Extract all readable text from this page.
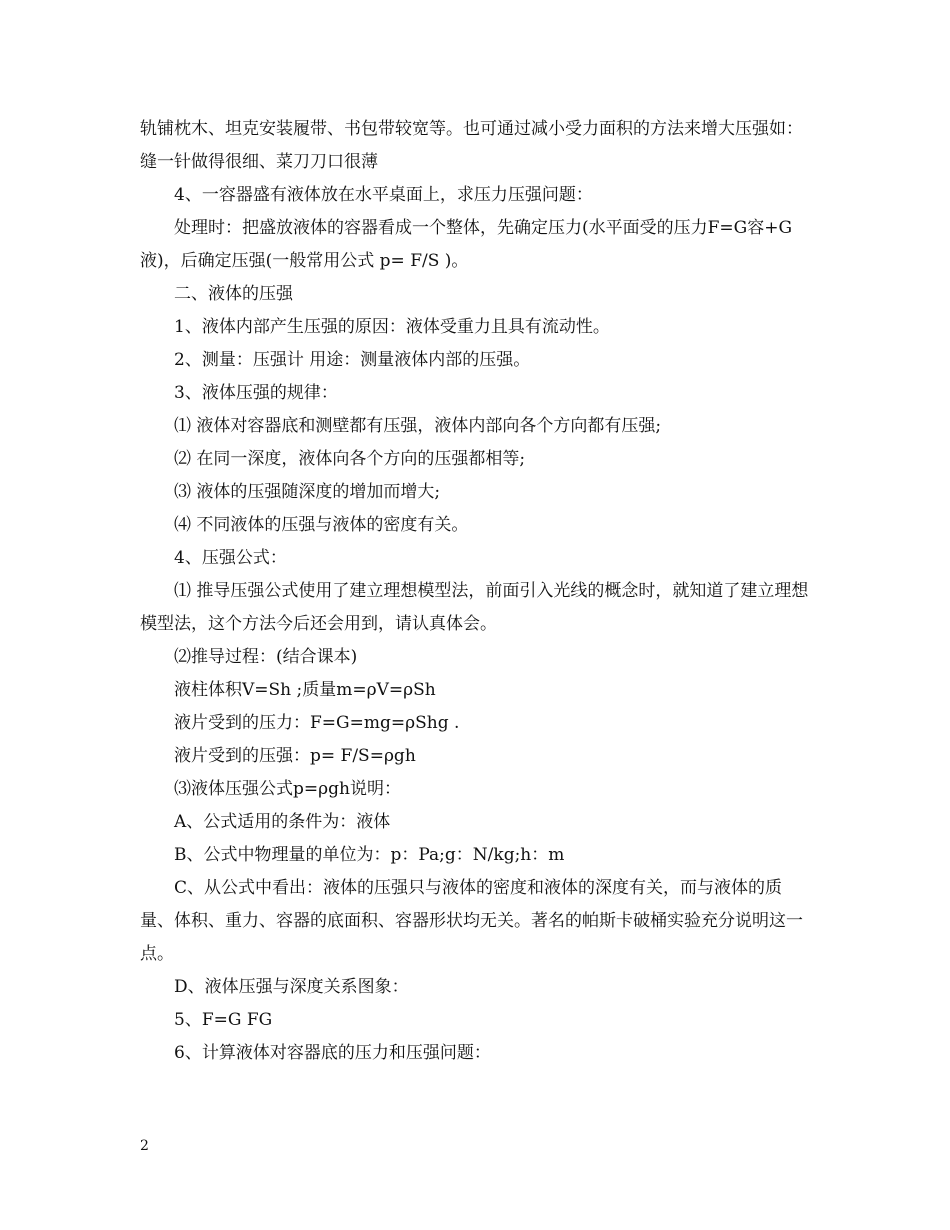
轨铺枕木、坦克安装履带、书包带较宽等。也可通过减小受力面积的方法来增大压强如：缝一针做得很细、菜刀刀口很薄

4、一容器盛有液体放在水平桌面上，求压力压强问题：

处理时：把盛放液体的容器看成一个整体，先确定压力(水平面受的压力F=G容+G液)，后确定压强(一般常用公式 p= F/S )。

二、液体的压强

1、液体内部产生压强的原因：液体受重力且具有流动性。

2、测量：压强计 用途：测量液体内部的压强。

3、液体压强的规律：

⑴ 液体对容器底和测壁都有压强，液体内部向各个方向都有压强;

⑵ 在同一深度，液体向各个方向的压强都相等;

⑶ 液体的压强随深度的增加而增大;

⑷ 不同液体的压强与液体的密度有关。

4、压强公式：

⑴ 推导压强公式使用了建立理想模型法，前面引入光线的概念时，就知道了建立理想模型法，这个方法今后还会用到，请认真体会。

⑵推导过程：(结合课本)

液柱体积V=Sh ;质量m=ρV=ρSh

液片受到的压力：F=G=mg=ρShg .

液片受到的压强：p= F/S=ρgh

⑶液体压强公式p=ρgh说明：

A、公式适用的条件为：液体

B、公式中物理量的单位为：p：Pa;g：N/kg;h：m

C、从公式中看出：液体的压强只与液体的密度和液体的深度有关，而与液体的质量、体积、重力、容器的底面积、容器形状均无关。著名的帕斯卡破桶实验充分说明这一点。

D、液体压强与深度关系图象：

5、F=G FG

6、计算液体对容器底的压力和压强问题：

2
